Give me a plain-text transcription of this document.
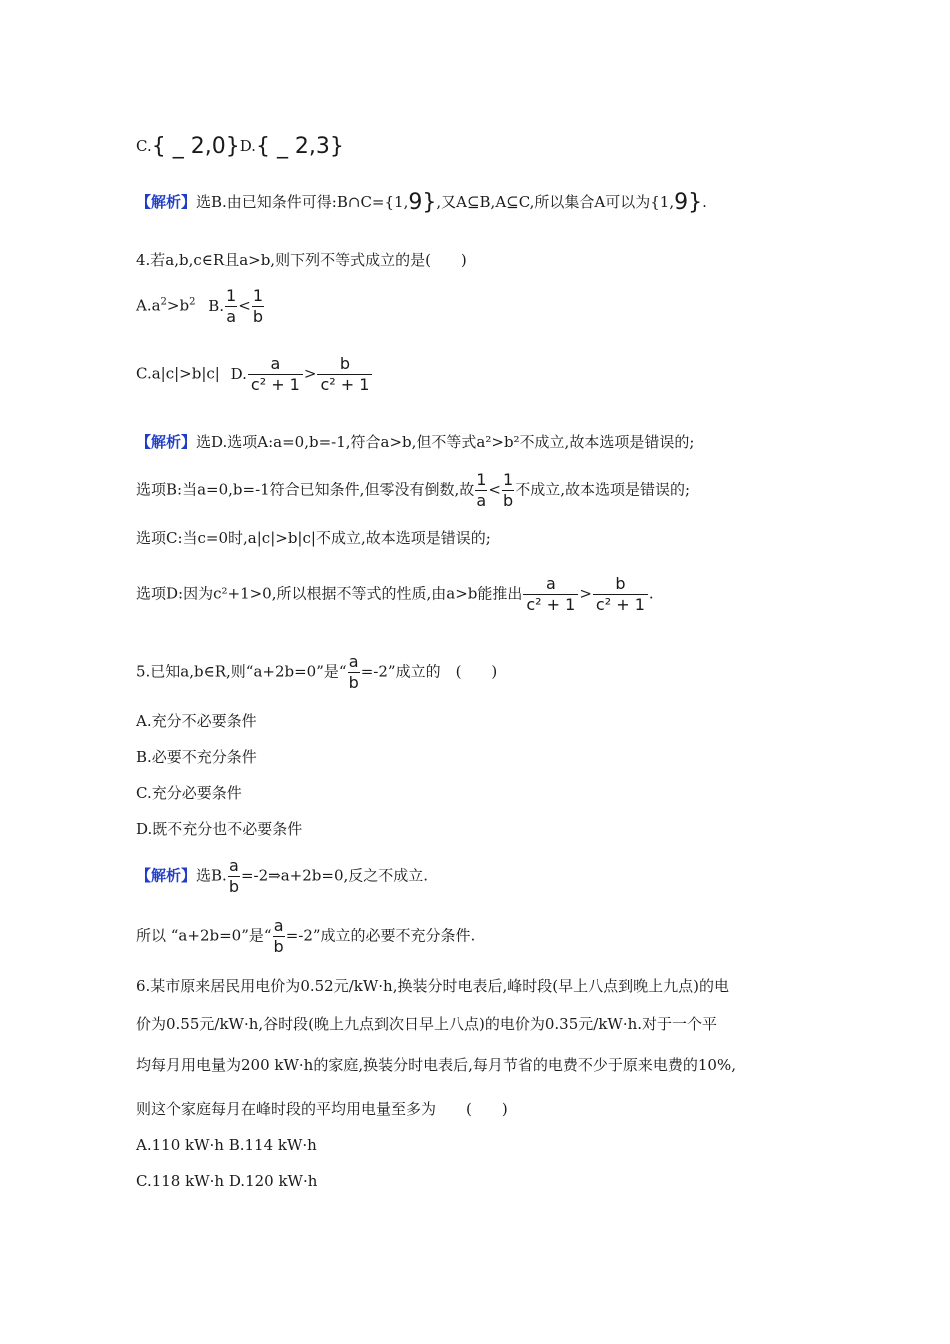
C.{ _ 2,0}D.{ _ 2,3}
【解析】选B.由已知条件可得:B∩C={1,9},又A⊆B,A⊆C,所以集合A可以为{1,9}.
4.若a,b,c∈R且a>b,则下列不等式成立的是(　　)
$A.a^2>b^2$ B. $\frac{1}{a} < \frac{1}{b}$
C.a|c|>b|c| D. $\frac{a}{\text{c² + 1}} > \frac{b}{\text{c² + 1}}$
【解析】选D.选项A:a=0,b=-1,符合a>b,但不等式a²>b²不成立,故本选项是错误的;
选项B:当a=0,b=-1符合已知条件,但零没有倒数,故 $\frac{1}{a} < \frac{1}{b}$ 不成立,故本选项是错误的;
选项C:当c=0时,a|c|>b|c|不成立,故本选项是错误的;
选项D:因为c²+1>0,所以根据不等式的性质,由a>b能推出 $\frac{a}{\text{c² + 1}} > \frac{b}{\text{c² + 1}}$ .
5.已知a,b∈R,则“a+2b=0”是“ $\frac{a}{b} =-2$”成立的　(　　)
A.充分不必要条件
B.必要不充分条件
C.充分必要条件
D.既不充分也不必要条件
【解析】选B. $\frac{a}{b}$ =-2⇒a+2b=0,反之不成立.
所以 “a+2b=0”是“ $\frac{a}{b} =-2$”成立的必要不充分条件.
6.某市原来居民用电价为0.52元/kW·h,换装分时电表后,峰时段(早上八点到晚上九点)的电
价为0.55元/kW·h,谷时段(晚上九点到次日早上八点)的电价为0.35元/kW·h.对于一个平
均每月用电量为200 kW·h的家庭,换装分时电表后,每月节省的电费不少于原来电费的10%,
则这个家庭每月在峰时段的平均用电量至多为　　(　　)
A.110 kW·h B.114 kW·h
C.118 kW·h D.120 kW·h
